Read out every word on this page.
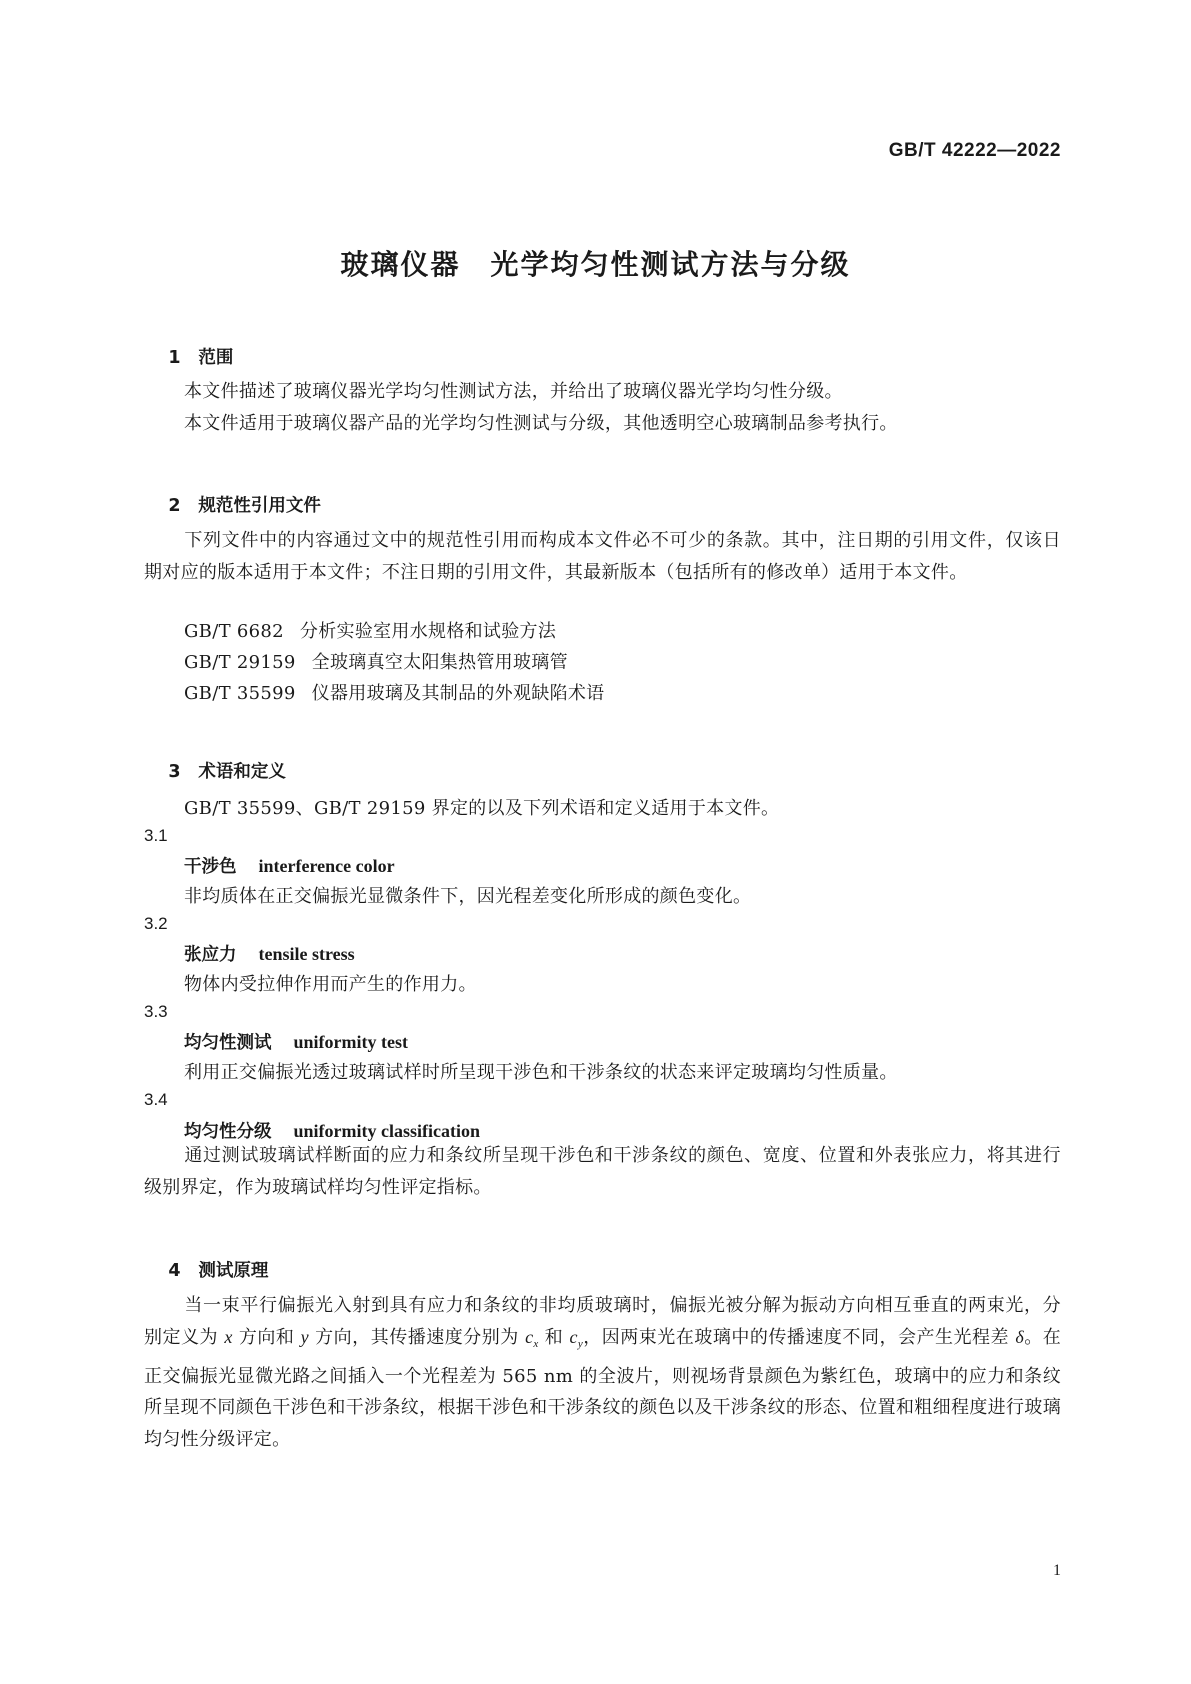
GB/T 42222—2022
玻璃仪器　光学均匀性测试方法与分级

1 范围

本文件描述了玻璃仪器光学均匀性测试方法，并给出了玻璃仪器光学均匀性分级。
本文件适用于玻璃仪器产品的光学均匀性测试与分级，其他透明空心玻璃制品参考执行。

2 规范性引用文件

下列文件中的内容通过文中的规范性引用而构成本文件必不可少的条款。其中，注日期的引用文件，仅该日期对应的版本适用于本文件；不注日期的引用文件，其最新版本（包括所有的修改单）适用于本文件。
GB/T 6682 分析实验室用水规格和试验方法
GB/T 29159 全玻璃真空太阳集热管用玻璃管
GB/T 35599 仪器用玻璃及其制品的外观缺陷术语

3 术语和定义

GB/T 35599、GB/T 29159 界定的以及下列术语和定义适用于本文件。
3.1
干涉色 interference color
非均质体在正交偏振光显微条件下，因光程差变化所形成的颜色变化。
3.2
张应力 tensile stress
物体内受拉伸作用而产生的作用力。
3.3
均匀性测试 uniformity test
利用正交偏振光透过玻璃试样时所呈现干涉色和干涉条纹的状态来评定玻璃均匀性质量。
3.4
均匀性分级 uniformity classification
通过测试玻璃试样断面的应力和条纹所呈现干涉色和干涉条纹的颜色、宽度、位置和外表张应力，将其进行级别界定，作为玻璃试样均匀性评定指标。

4 测试原理

当一束平行偏振光入射到具有应力和条纹的非均质玻璃时，偏振光被分解为振动方向相互垂直的两束光，分别定义为 x 方向和 y 方向，其传播速度分别为 $c_x$ 和 $c_y$，因两束光在玻璃中的传播速度不同，会产生光程差 δ。在正交偏振光显微光路之间插入一个光程差为 565 nm 的全波片，则视场背景颜色为紫红色，玻璃中的应力和条纹所呈现不同颜色干涉色和干涉条纹，根据干涉色和干涉条纹的颜色以及干涉条纹的形态、位置和粗细程度进行玻璃均匀性分级评定。
1
